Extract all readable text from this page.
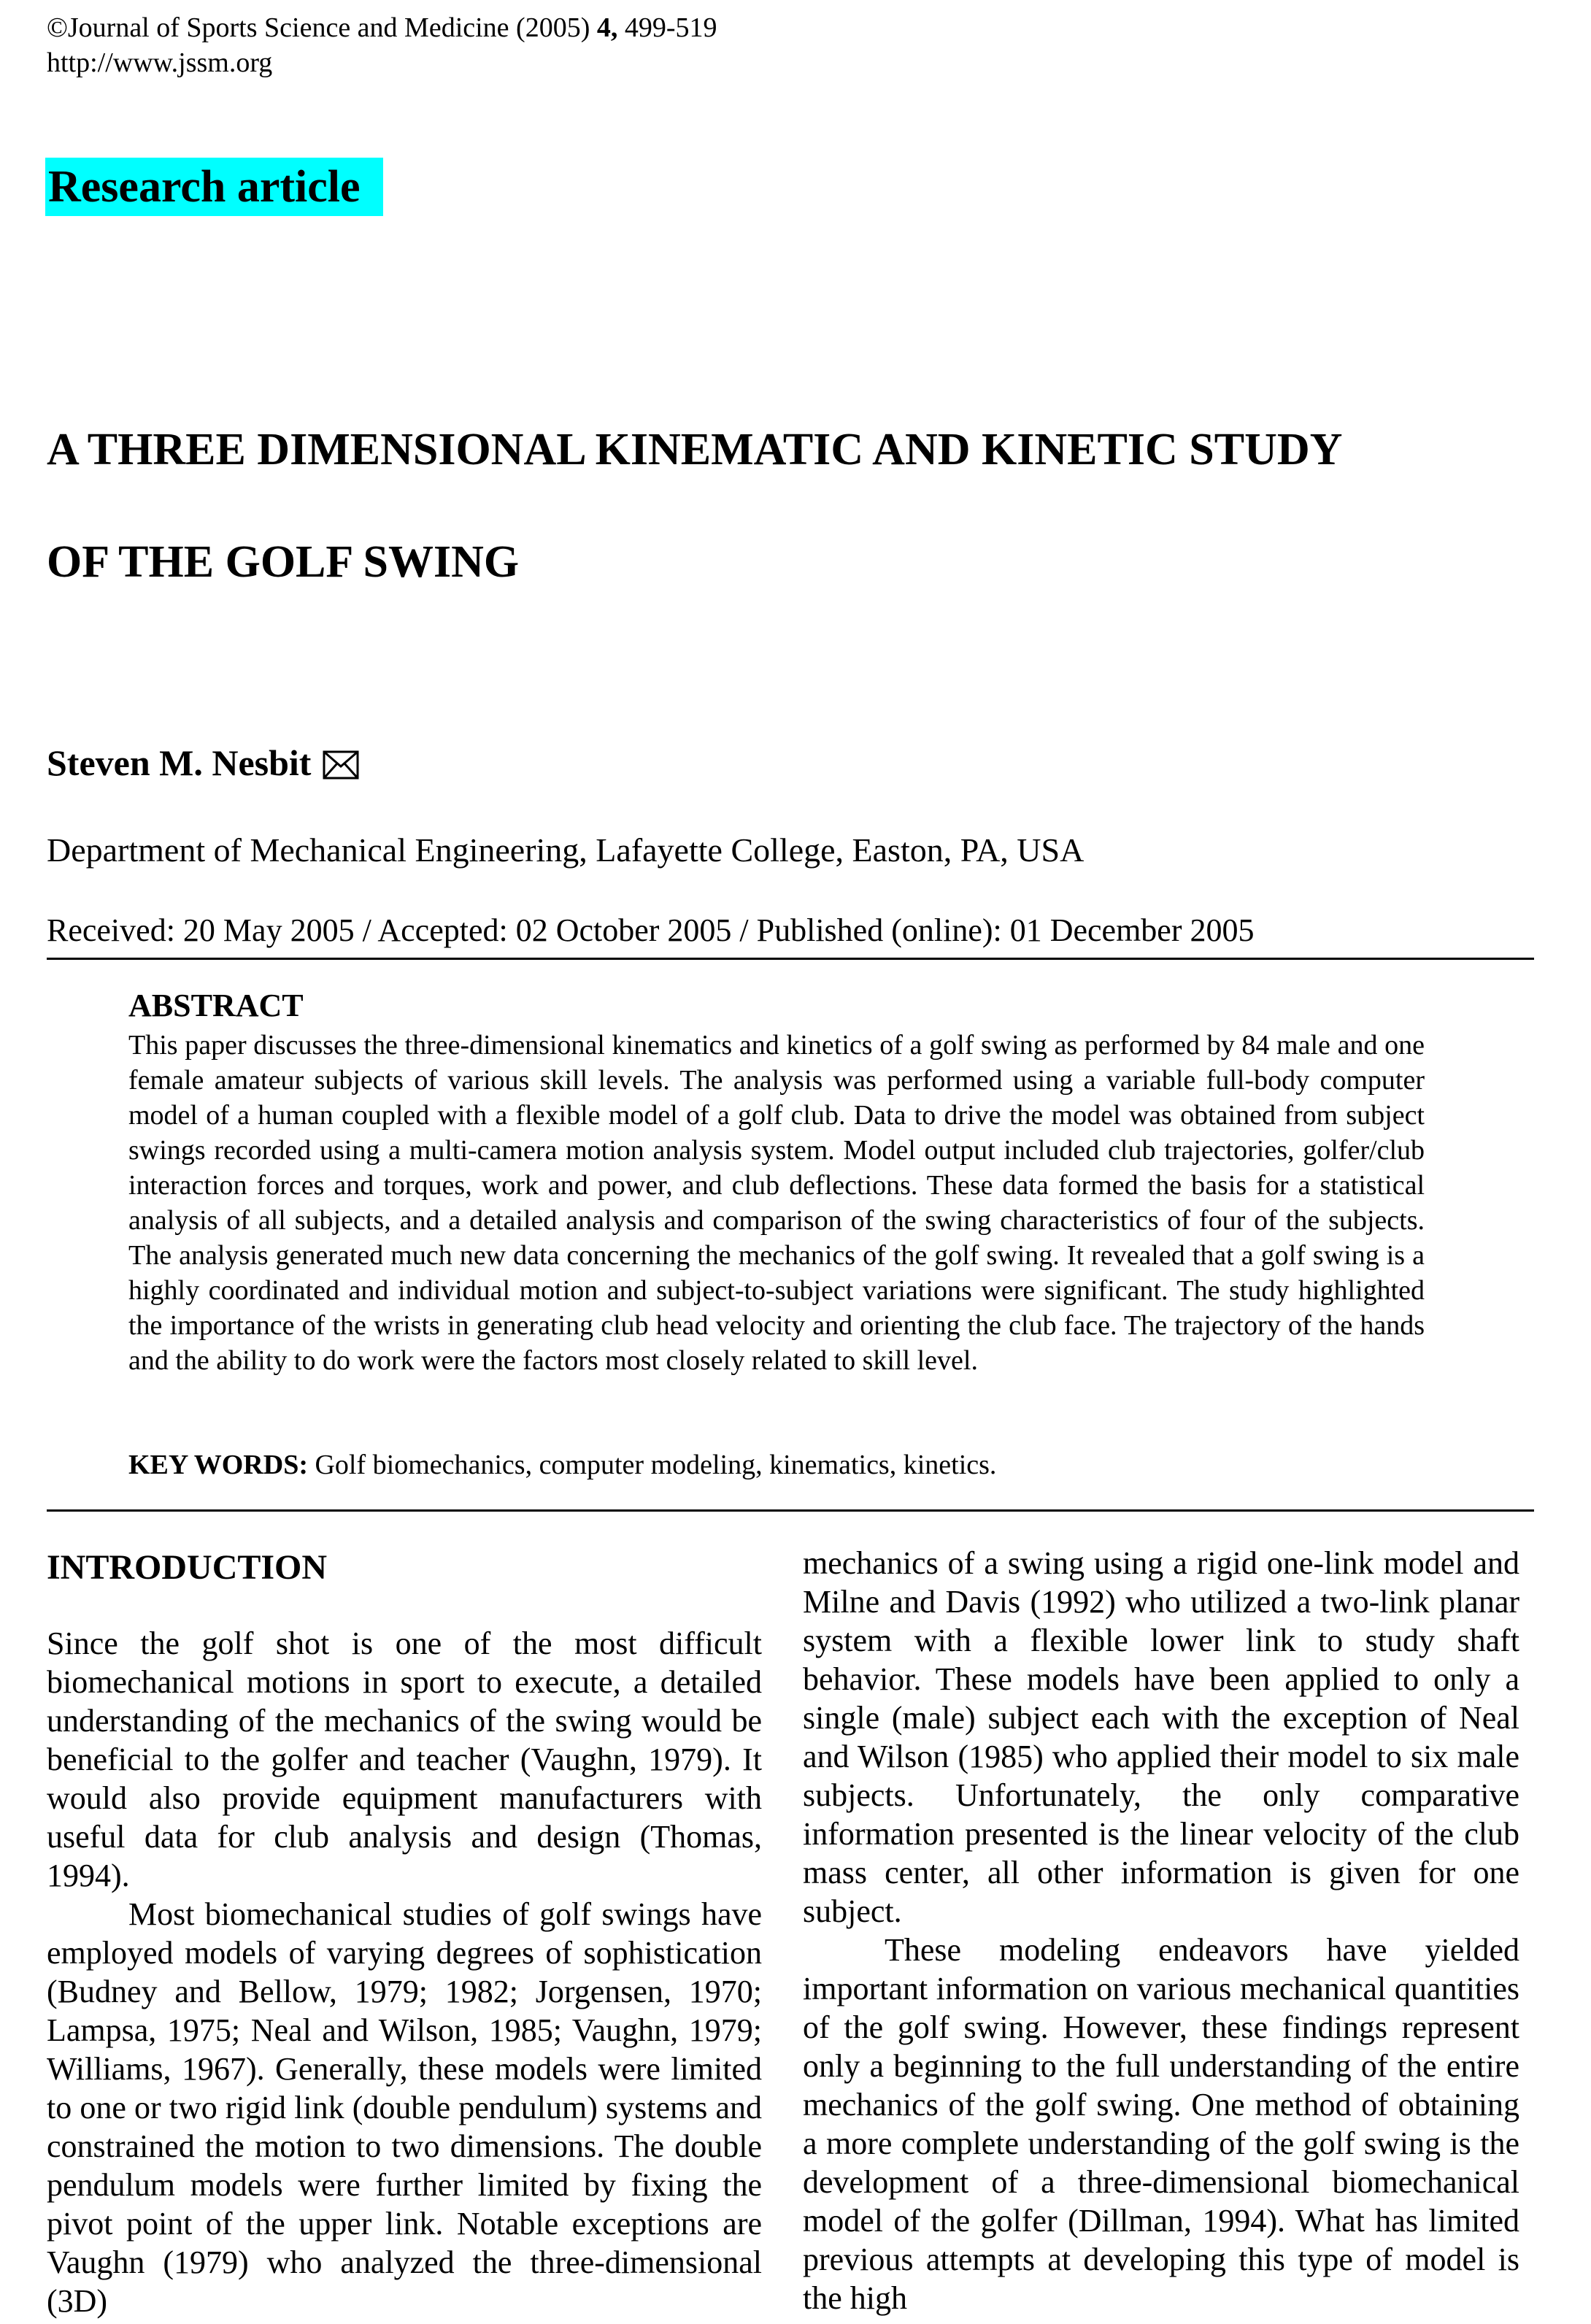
©Journal of Sports Science and Medicine (2005) 4, 499-519
http://www.jssm.org
Research article
A THREE DIMENSIONAL KINEMATIC AND KINETIC STUDY
OF THE GOLF SWING
Steven M. Nesbit
Department of Mechanical Engineering, Lafayette College, Easton, PA, USA
Received: 20 May 2005 / Accepted: 02 October 2005 / Published (online): 01 December 2005
ABSTRACT
This paper discusses the three-dimensional kinematics and kinetics of a golf swing as performed by 84 male and one female amateur subjects of various skill levels. The analysis was performed using a variable full-body computer model of a human coupled with a flexible model of a golf club. Data to drive the model was obtained from subject swings recorded using a multi-camera motion analysis system. Model output included club trajectories, golfer/club interaction forces and torques, work and power, and club deflections. These data formed the basis for a statistical analysis of all subjects, and a detailed analysis and comparison of the swing characteristics of four of the subjects. The analysis generated much new data concerning the mechanics of the golf swing. It revealed that a golf swing is a highly coordinated and individual motion and subject-to-subject variations were significant. The study highlighted the importance of the wrists in generating club head velocity and orienting the club face. The trajectory of the hands and the ability to do work were the factors most closely related to skill level.
KEY WORDS: Golf biomechanics, computer modeling, kinematics, kinetics.
INTRODUCTION

Since the golf shot is one of the most difficult biomechanical motions in sport to execute, a detailed understanding of the mechanics of the swing would be beneficial to the golfer and teacher (Vaughn, 1979). It would also provide equipment manufacturers with useful data for club analysis and design (Thomas, 1994).

Most biomechanical studies of golf swings have employed models of varying degrees of sophistication (Budney and Bellow, 1979; 1982; Jorgensen, 1970; Lampsa, 1975; Neal and Wilson, 1985; Vaughn, 1979; Williams, 1967). Generally, these models were limited to one or two rigid link (double pendulum) systems and constrained the motion to two dimensions. The double pendulum models were further limited by fixing the pivot point of the upper link. Notable exceptions are Vaughn (1979) who analyzed the three-dimensional (3D)

mechanics of a swing using a rigid one-link model and Milne and Davis (1992) who utilized a two-link planar system with a flexible lower link to study shaft behavior. These models have been applied to only a single (male) subject each with the exception of Neal and Wilson (1985) who applied their model to six male subjects. Unfortunately, the only comparative information presented is the linear velocity of the club mass center, all other information is given for one subject.

These modeling endeavors have yielded important information on various mechanical quantities of the golf swing. However, these findings represent only a beginning to the full understanding of the entire mechanics of the golf swing. One method of obtaining a more complete understanding of the golf swing is the development of a three-dimensional biomechanical model of the golfer (Dillman, 1994). What has limited previous attempts at developing this type of model is the high
